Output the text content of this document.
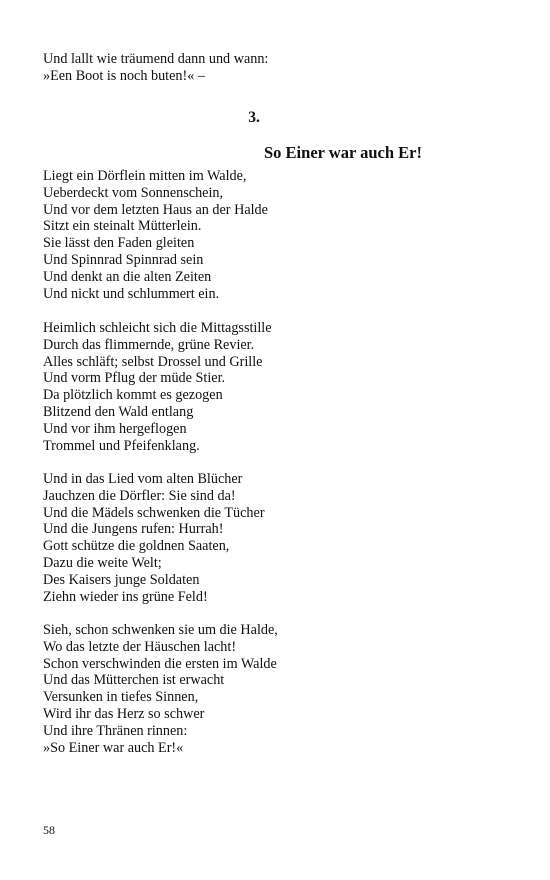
Und lallt wie träumend dann und wann:
»Een Boot is noch buten!« –
3.
So Einer war auch Er!
Liegt ein Dörflein mitten im Walde,
Ueberdeckt vom Sonnenschein,
Und vor dem letzten Haus an der Halde
Sitzt ein steinalt Mütterlein.
Sie lässt den Faden gleiten
Und Spinnrad Spinnrad sein
Und denkt an die alten Zeiten
Und nickt und schlummert ein.
Heimlich schleicht sich die Mittagsstille
Durch das flimmernde, grüne Revier.
Alles schläft; selbst Drossel und Grille
Und vorm Pflug der müde Stier.
Da plötzlich kommt es gezogen
Blitzend den Wald entlang
Und vor ihm hergeflogen
Trommel und Pfeifenklang.
Und in das Lied vom alten Blücher
Jauchzen die Dörfler: Sie sind da!
Und die Mädels schwenken die Tücher
Und die Jungens rufen: Hurrah!
Gott schütze die goldnen Saaten,
Dazu die weite Welt;
Des Kaisers junge Soldaten
Ziehn wieder ins grüne Feld!
Sieh, schon schwenken sie um die Halde,
Wo das letzte der Häuschen lacht!
Schon verschwinden die ersten im Walde
Und das Mütterchen ist erwacht
Versunken in tiefes Sinnen,
Wird ihr das Herz so schwer
Und ihre Thränen rinnen:
»So Einer war auch Er!«
58
